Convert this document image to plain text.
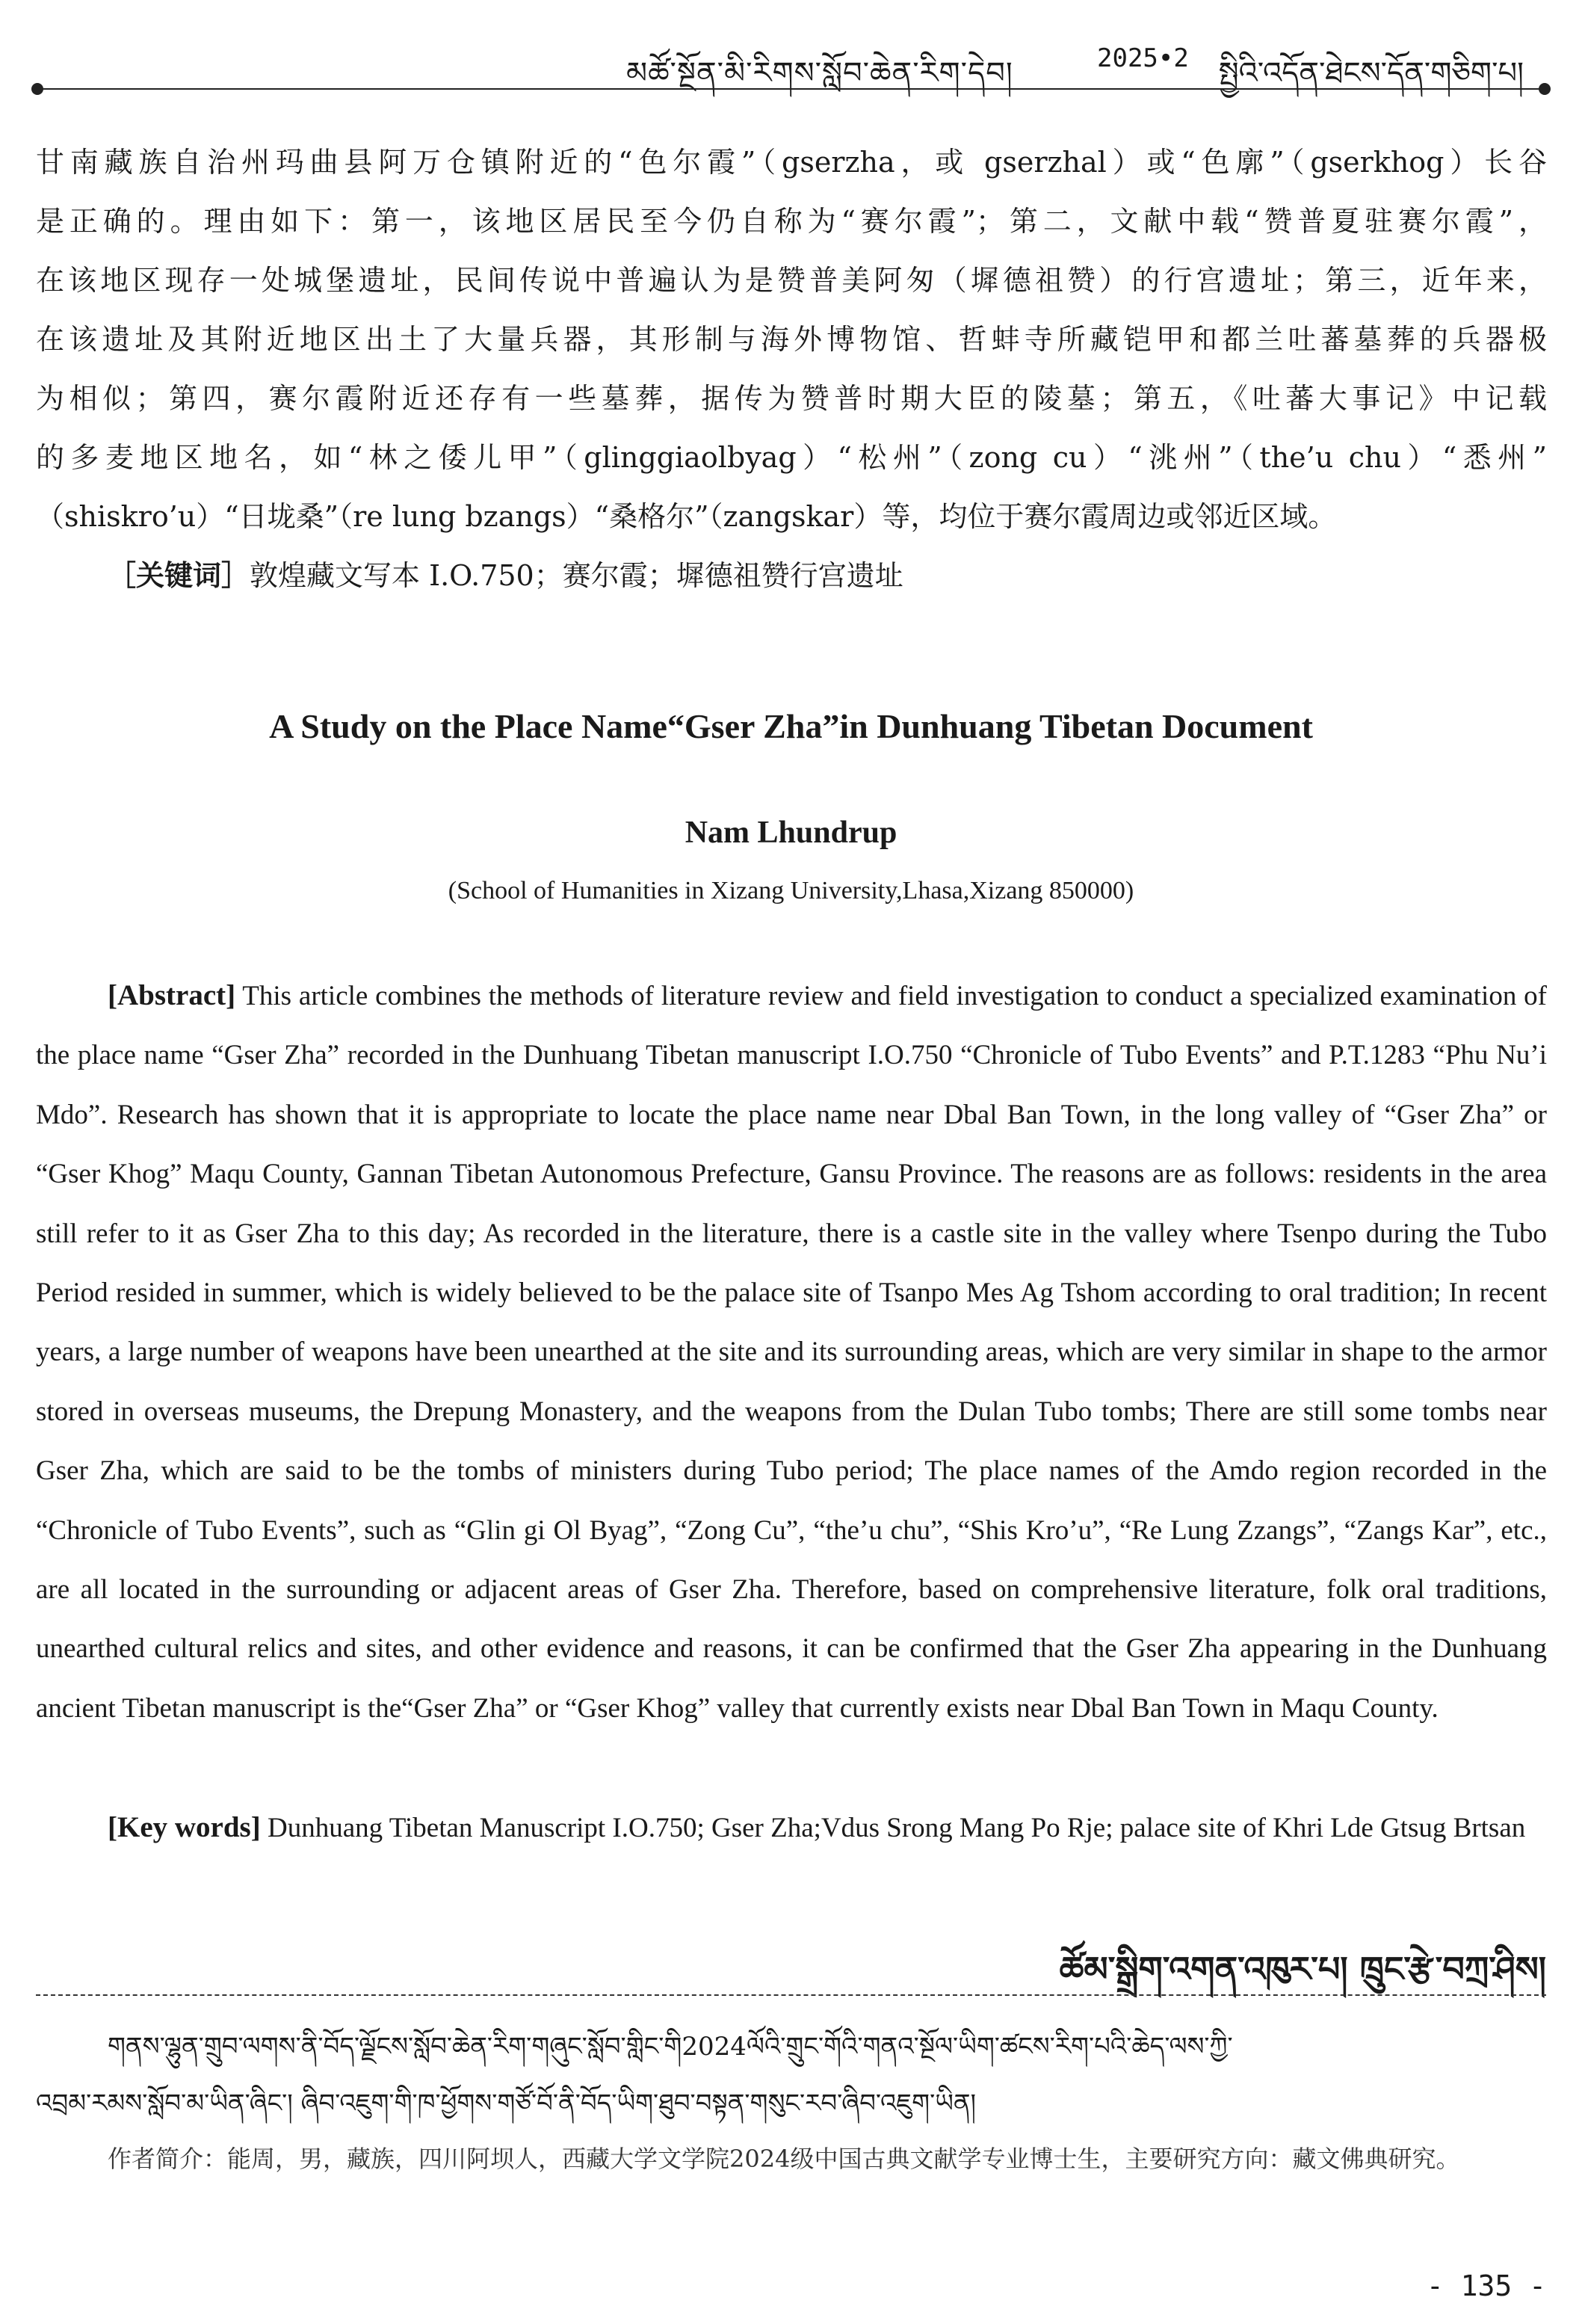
མཚོ་སྔོན་མི་རིགས་སློབ་ཆེན་རིག་དེབ།	2025•2 སྤྱིའི་འདོན་ཐེངས་དོན་གཅིག་པ།

甘南藏族自治州玛曲县阿万仓镇附近的“色尔霞”（gserzha，或 gserzhal）或“色廓”（gserkhog）长谷

是正确的。理由如下：第一，该地区居民至今仍自称为“赛尔霞”；第二，文献中载“赞普夏驻赛尔霞”，

在该地区现存一处城堡遗址，民间传说中普遍认为是赞普美阿匆（墀德祖赞）的行宫遗址；第三，近年来，

在该遗址及其附近地区出土了大量兵器，其形制与海外博物馆、哲蚌寺所藏铠甲和都兰吐蕃墓葬的兵器极

为相似；第四，赛尔霞附近还存有一些墓葬，据传为赞普时期大臣的陵墓；第五，《吐蕃大事记》中记载

的多麦地区地名，如“林之倭儿甲”（glinggiaolbyag）“松州”（zong cu）“洮州”（the’u chu）“悉州”

（shiskro’u）“日垅桑”（re lung bzangs）“桑格尔”（zangskar）等，均位于赛尔霞周边或邻近区域。

［关键词］敦煌藏文写本 I.O.750；赛尔霞；墀德祖赞行宫遗址

A Study on the Place Name“Gser Zha”in Dunhuang Tibetan Document
Nam Lhundrup
(School of Humanities in Xizang University,Lhasa,Xizang 850000)

[Abstract] This article combines the methods of literature review and field investigation to conduct a specialized examination of the place name “Gser Zha” recorded in the Dunhuang Tibetan manuscript I.O.750 “Chronicle of Tubo Events” and P.T.1283 “Phu Nu’i Mdo”. Research has shown that it is appropriate to locate the place name near Dbal Ban Town, in the long valley of “Gser Zha” or “Gser Khog” Maqu County, Gannan Tibetan Autonomous Prefecture, Gansu Province. The reasons are as follows: residents in the area still refer to it as Gser Zha to this day; As recorded in the literature, there is a castle site in the valley where Tsenpo during the Tubo Period resided in summer, which is widely believed to be the palace site of Tsanpo Mes Ag Tshom according to oral tradition; In recent years, a large number of weapons have been unearthed at the site and its surrounding areas, which are very similar in shape to the armor stored in overseas museums, the Drepung Monastery, and the weapons from the Dulan Tubo tombs; There are still some tombs near Gser Zha, which are said to be the tombs of ministers during Tubo period; The place names of the Amdo region recorded in the “Chronicle of Tubo Events”, such as “Glin gi Ol Byag”, “Zong Cu”, “the’u chu”, “Shis Kro’u”, “Re Lung Zzangs”, “Zangs Kar”, etc., are all located in the surrounding or adjacent areas of Gser Zha. Therefore, based on comprehensive literature, folk oral traditions, unearthed cultural relics and sites, and other evidence and reasons, it can be confirmed that the Gser Zha appearing in the Dunhuang ancient Tibetan manuscript is the“Gser Zha” or “Gser Khog” valley that currently exists near Dbal Ban Town in Maqu County.

[Key words] Dunhuang Tibetan Manuscript I.O.750; Gser Zha;Vdus Srong Mang Po Rje; palace site of Khri Lde Gtsug Brtsan

ཚོམ་སྒྲིག་འགན་འཁུར་པ། ཁྲུང་རྩེ་བཀྲ་ཤིས།

གནས་ལྷུན་གྲུབ་ལགས་ནི་བོད་ལྗོངས་སློབ་ཆེན་རིག་གཞུང་སློབ་གླིང་གི2024ལོའི་གྲུང་གོའི་གནའ་སྔོལ་ཡིག་ཚངས་རིག་པའི་ཆེད་ལས་ཀྱི་
འབྲམ་རམས་སློབ་མ་ཡིན་ཞིང་། ཞིབ་འཇུག་གི་ཁ་ཕྱོགས་གཙོ་བོ་ནི་བོད་ཡིག་ཐུབ་བསྟན་གསུང་རབ་ཞིབ་འཇུག་ཡིན།

作者简介：能周，男，藏族，四川阿坝人，西藏大学文学院2024级中国古典文献学专业博士生，主要研究方向：藏文佛典研究。

- 135 -
